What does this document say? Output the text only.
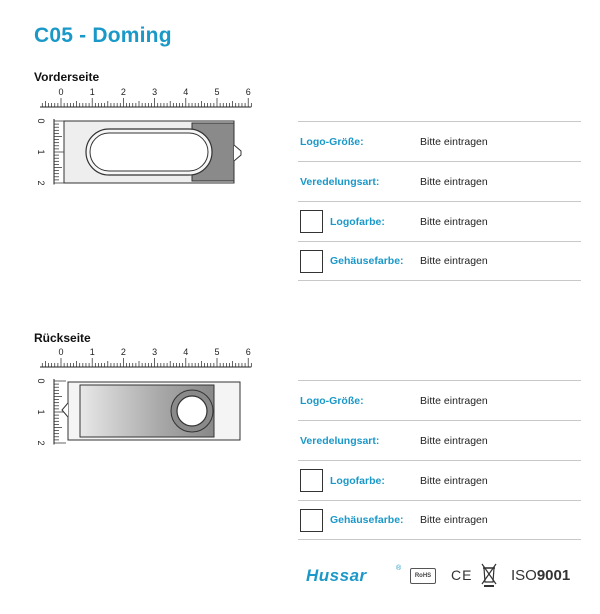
C05 - Doming
Vorderseite
0	1	2	3	4	5	6
0
1
2
Logo-Größe:	Bitte eintragen
Veredelungsart:	Bitte eintragen
Logofarbe:	Bitte eintragen
Gehäusefarbe: Bitte eintragen
Rückseite
0	1	2	3	4	5	6
0
1
2
Logo-Größe:	Bitte eintragen
Veredelungsart:	Bitte eintragen
Logofarbe:	Bitte eintragen
Gehäusefarbe: Bitte eintragen
Hussar	®
RoHS	CE	ISO9001
